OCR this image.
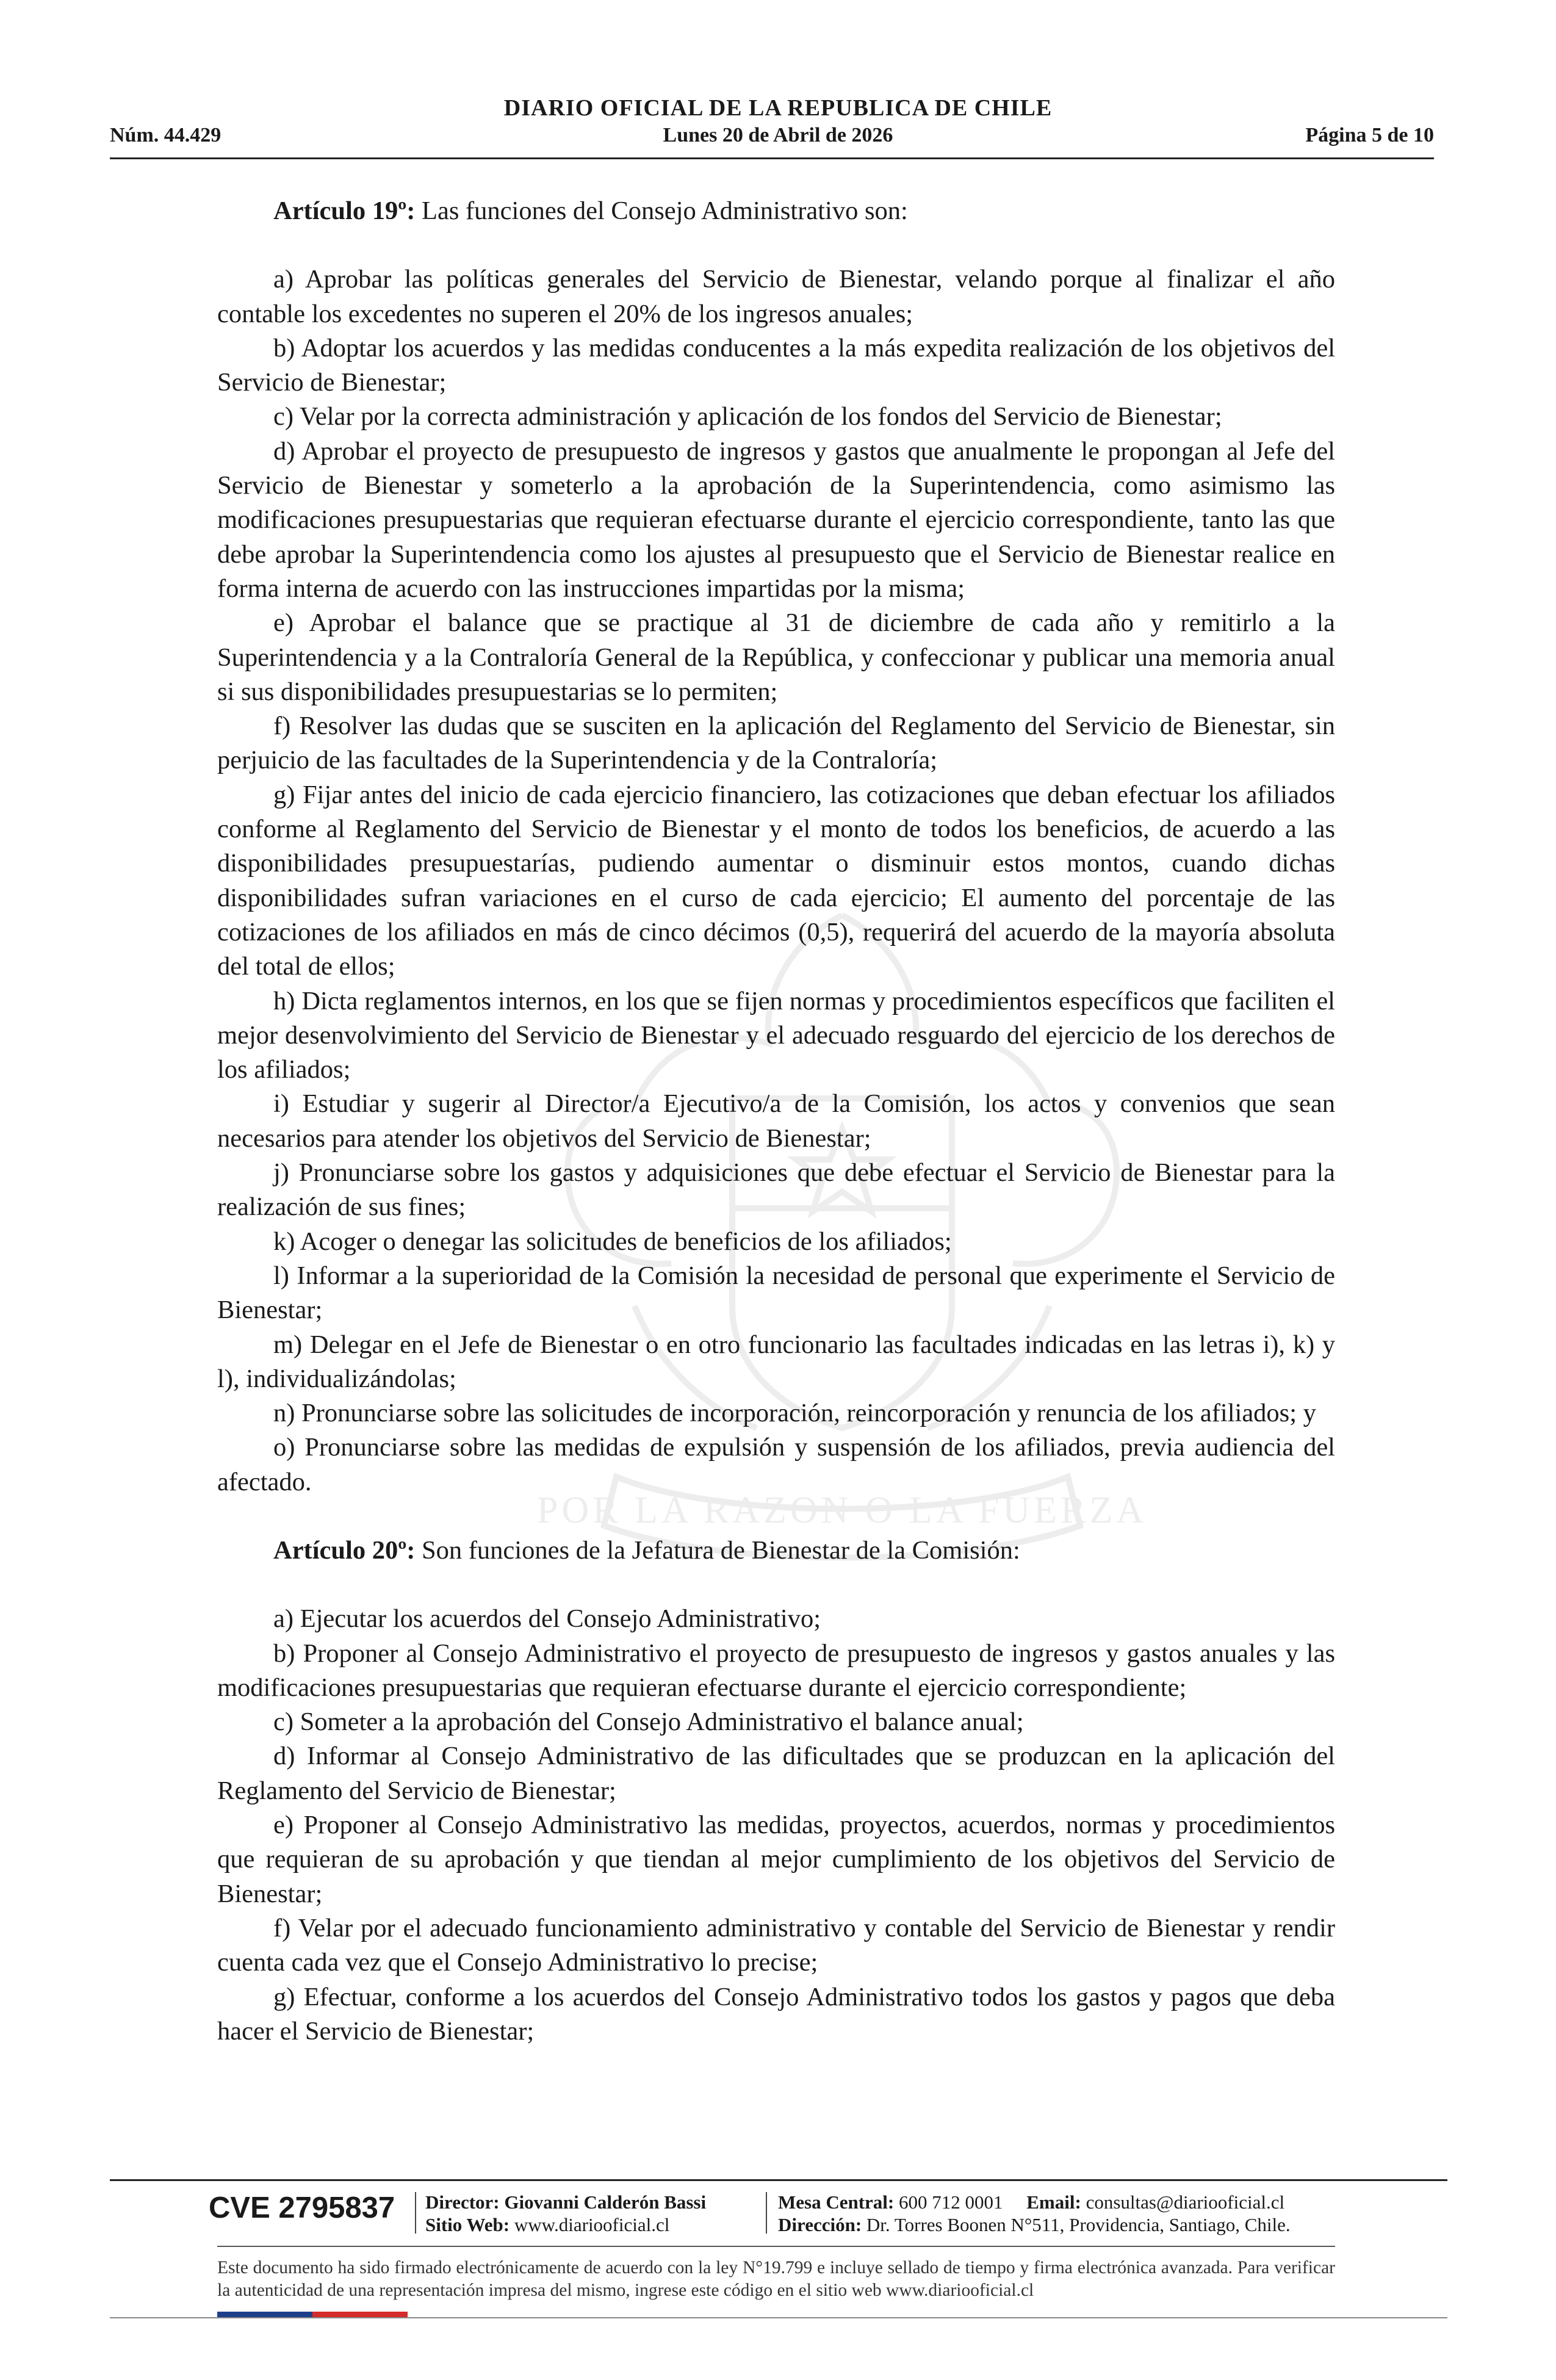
POR LA RAZON O LA FUERZA
DIARIO OFICIAL DE LA REPUBLICA DE CHILE
Núm. 44.429	Lunes 20 de Abril de 2026	Página 5 de 10

Artículo 19º: Las funciones del Consejo Administrativo son:

a) Aprobar las políticas generales del Servicio de Bienestar, velando porque al finalizar el año contable los excedentes no superen el 20% de los ingresos anuales;

b) Adoptar los acuerdos y las medidas conducentes a la más expedita realización de los objetivos del Servicio de Bienestar;

c) Velar por la correcta administración y aplicación de los fondos del Servicio de Bienestar;

d) Aprobar el proyecto de presupuesto de ingresos y gastos que anualmente le propongan al Jefe del Servicio de Bienestar y someterlo a la aprobación de la Superintendencia, como asimismo las modificaciones presupuestarias que requieran efectuarse durante el ejercicio correspondiente, tanto las que debe aprobar la Superintendencia como los ajustes al presupuesto que el Servicio de Bienestar realice en forma interna de acuerdo con las instrucciones impartidas por la misma;

e) Aprobar el balance que se practique al 31 de diciembre de cada año y remitirlo a la Superintendencia y a la Contraloría General de la República, y confeccionar y publicar una memoria anual si sus disponibilidades presupuestarias se lo permiten;

f) Resolver las dudas que se susciten en la aplicación del Reglamento del Servicio de Bienestar, sin perjuicio de las facultades de la Superintendencia y de la Contraloría;

g) Fijar antes del inicio de cada ejercicio financiero, las cotizaciones que deban efectuar los afiliados conforme al Reglamento del Servicio de Bienestar y el monto de todos los beneficios, de acuerdo a las disponibilidades presupuestarías, pudiendo aumentar o disminuir estos montos, cuando dichas disponibilidades sufran variaciones en el curso de cada ejercicio; El aumento del porcentaje de las cotizaciones de los afiliados en más de cinco décimos (0,5), requerirá del acuerdo de la mayoría absoluta del total de ellos;

h) Dicta reglamentos internos, en los que se fijen normas y procedimientos específicos que faciliten el mejor desenvolvimiento del Servicio de Bienestar y el adecuado resguardo del ejercicio de los derechos de los afiliados;

i) Estudiar y sugerir al Director/a Ejecutivo/a de la Comisión, los actos y convenios que sean necesarios para atender los objetivos del Servicio de Bienestar;

j) Pronunciarse sobre los gastos y adquisiciones que debe efectuar el Servicio de Bienestar para la realización de sus fines;

k) Acoger o denegar las solicitudes de beneficios de los afiliados;

l) Informar a la superioridad de la Comisión la necesidad de personal que experimente el Servicio de Bienestar;

m) Delegar en el Jefe de Bienestar o en otro funcionario las facultades indicadas en las letras i), k) y l), individualizándolas;

n) Pronunciarse sobre las solicitudes de incorporación, reincorporación y renuncia de los afiliados; y

o) Pronunciarse sobre las medidas de expulsión y suspensión de los afiliados, previa audiencia del afectado.

Artículo 20º: Son funciones de la Jefatura de Bienestar de la Comisión:

a) Ejecutar los acuerdos del Consejo Administrativo;

b) Proponer al Consejo Administrativo el proyecto de presupuesto de ingresos y gastos anuales y las modificaciones presupuestarias que requieran efectuarse durante el ejercicio correspondiente;

c) Someter a la aprobación del Consejo Administrativo el balance anual;

d) Informar al Consejo Administrativo de las dificultades que se produzcan en la aplicación del Reglamento del Servicio de Bienestar;

e) Proponer al Consejo Administrativo las medidas, proyectos, acuerdos, normas y procedimientos que requieran de su aprobación y que tiendan al mejor cumplimiento de los objetivos del Servicio de Bienestar;

f) Velar por el adecuado funcionamiento administrativo y contable del Servicio de Bienestar y rendir cuenta cada vez que el Consejo Administrativo lo precise;

g) Efectuar, conforme a los acuerdos del Consejo Administrativo todos los gastos y pagos que deba hacer el Servicio de Bienestar;

CVE 2795837 Director: Giovanni Calderón Bassi
Sitio Web: www.diariooficial.cl
Mesa Central: 600 712 0001 Email: consultas@diariooficial.cl
Dirección: Dr. Torres Boonen N°511, Providencia, Santiago, Chile.
Este documento ha sido firmado electrónicamente de acuerdo con la ley N°19.799 e incluye sellado de tiempo y firma electrónica avanzada. Para verificar la autenticidad de una representación impresa del mismo, ingrese este código en el sitio web www.diariooficial.cl
